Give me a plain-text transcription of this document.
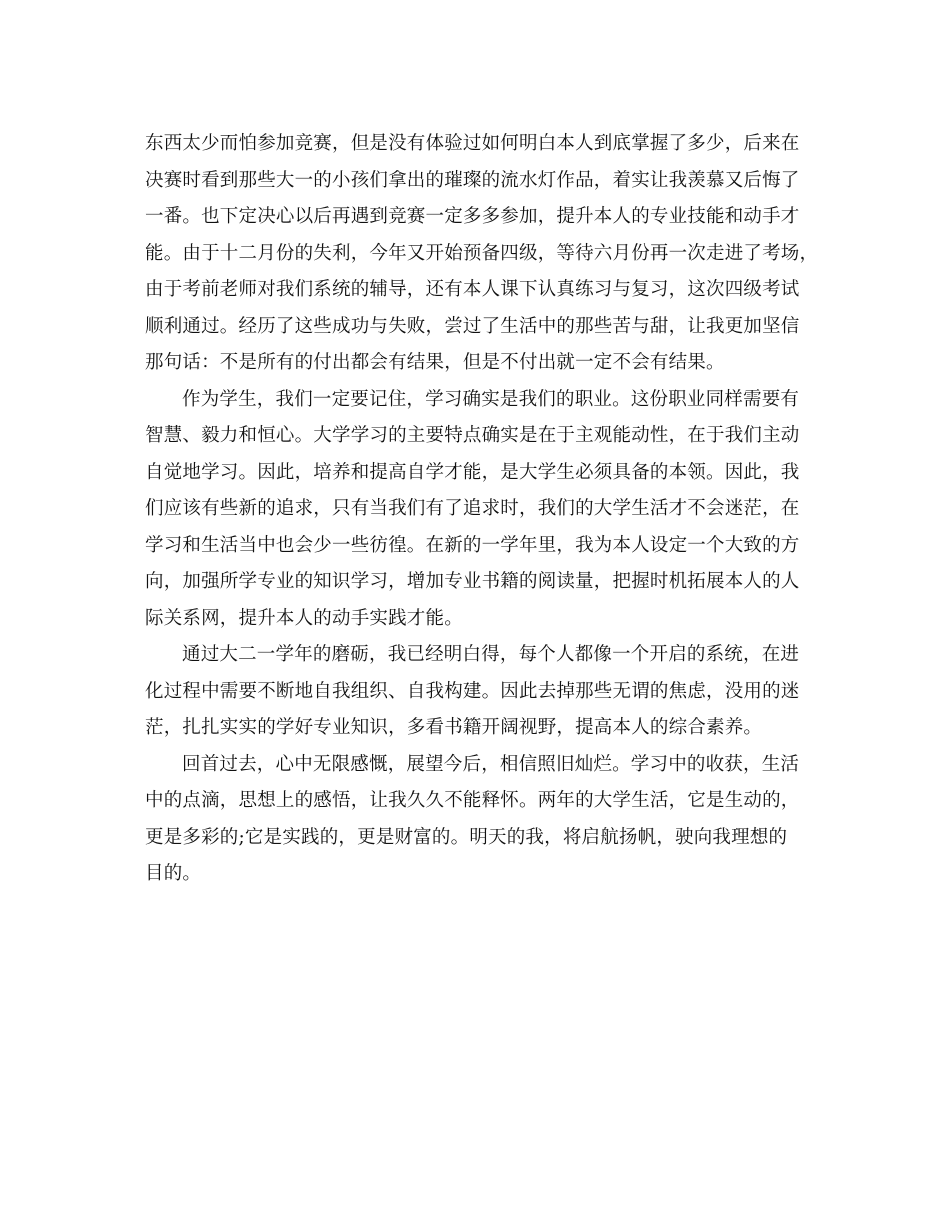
东西太少而怕参加竞赛，但是没有体验过如何明白本人到底掌握了多少，后来在
决赛时看到那些大一的小孩们拿出的璀璨的流水灯作品，着实让我羡慕又后悔了
一番。也下定决心以后再遇到竞赛一定多多参加，提升本人的专业技能和动手才
能。由于十二月份的失利，今年又开始预备四级，等待六月份再一次走进了考场，
由于考前老师对我们系统的辅导，还有本人课下认真练习与复习，这次四级考试
顺利通过。经历了这些成功与失败，尝过了生活中的那些苦与甜，让我更加坚信
那句话：不是所有的付出都会有结果，但是不付出就一定不会有结果。

作为学生，我们一定要记住，学习确实是我们的职业。这份职业同样需要有
智慧、毅力和恒心。大学学习的主要特点确实是在于主观能动性，在于我们主动
自觉地学习。因此，培养和提高自学才能，是大学生必须具备的本领。因此，我
们应该有些新的追求，只有当我们有了追求时，我们的大学生活才不会迷茫，在
学习和生活当中也会少一些彷徨。在新的一学年里，我为本人设定一个大致的方
向，加强所学专业的知识学习，增加专业书籍的阅读量，把握时机拓展本人的人
际关系网，提升本人的动手实践才能。

通过大二一学年的磨砺，我已经明白得，每个人都像一个开启的系统，在进
化过程中需要不断地自我组织、自我构建。因此去掉那些无谓的焦虑，没用的迷
茫，扎扎实实的学好专业知识，多看书籍开阔视野，提高本人的综合素养。

回首过去，心中无限感慨，展望今后，相信照旧灿烂。学习中的收获，生活
中的点滴，思想上的感悟，让我久久不能释怀。两年的大学生活，它是生动的，
更是多彩的;它是实践的，更是财富的。明天的我，将启航扬帆，驶向我理想的
目的。
